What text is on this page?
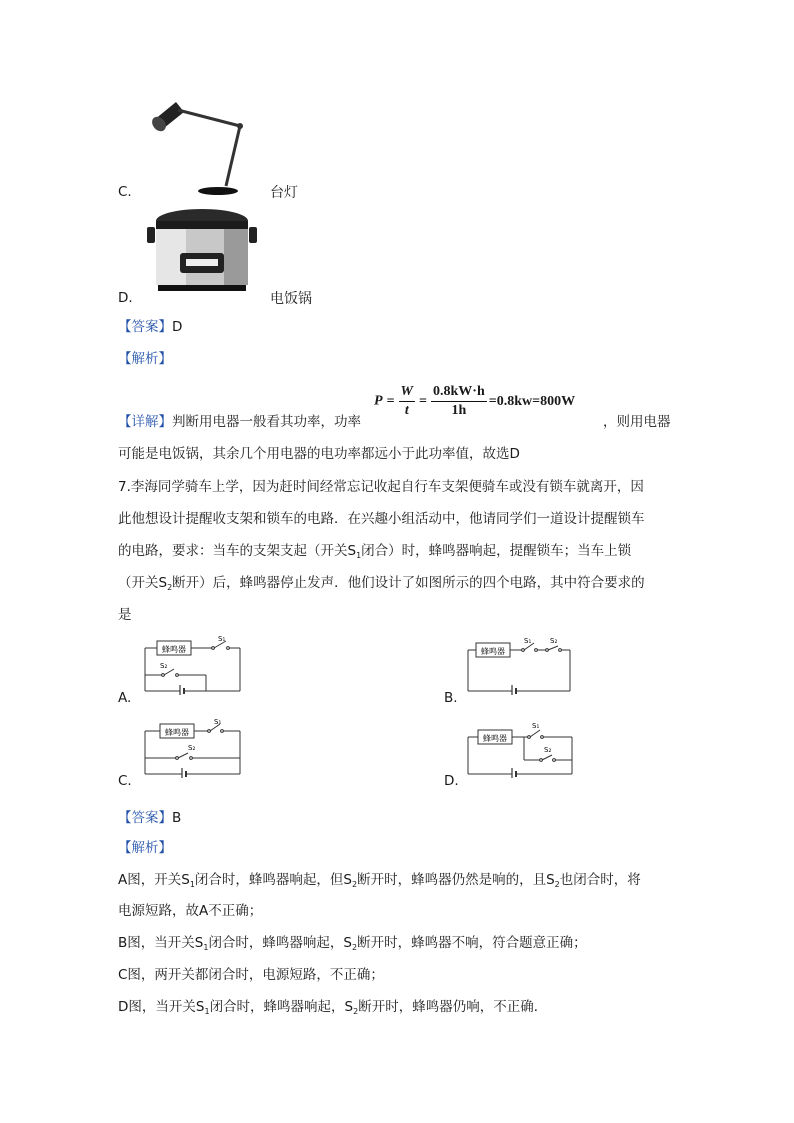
C.	台灯
D.	电饭锅
【答案】D
【解析】
$P = \frac{W}{t} = \frac{0.8kW\cdot h}{1h} =0.8kw=800W$
【详解】判断用电器一般看其功率，功率	，则用电器
可能是电饭锅，其余几个用电器的电功率都远小于此功率值，故选D
7.李海同学骑车上学，因为赶时间经常忘记收起自行车支架便骑车或没有锁车就离开，因
此他想设计提醒收支架和锁车的电路．在兴趣小组活动中，他请同学们一道设计提醒锁车
的电路，要求：当车的支架支起（开关$S_1$闭合）时，蜂鸣器响起，提醒锁车；当车上锁
（开关$S_2$断开）后，蜂鸣器停止发声．他们设计了如图所示的四个电路，其中符合要求的
是
蜂鸣器
S₁
S₂
A.
蜂鸣器
S₁	S₂
B.
蜂鸣器
S₁
S₂
C.
蜂鸣器
S₁
S₂
D.
【答案】B
【解析】
A图，开关$S_1$闭合时，蜂鸣器响起，但$S_2$断开时，蜂鸣器仍然是响的，且$S_2$也闭合时，将
电源短路，故A不正确；
B图，当开关$S_1$闭合时，蜂鸣器响起，$S_2$断开时，蜂鸣器不响，符合题意正确；
C图，两开关都闭合时，电源短路，不正确；
D图，当开关$S_1$闭合时，蜂鸣器响起，$S_2$断开时，蜂鸣器仍响，不正确．
